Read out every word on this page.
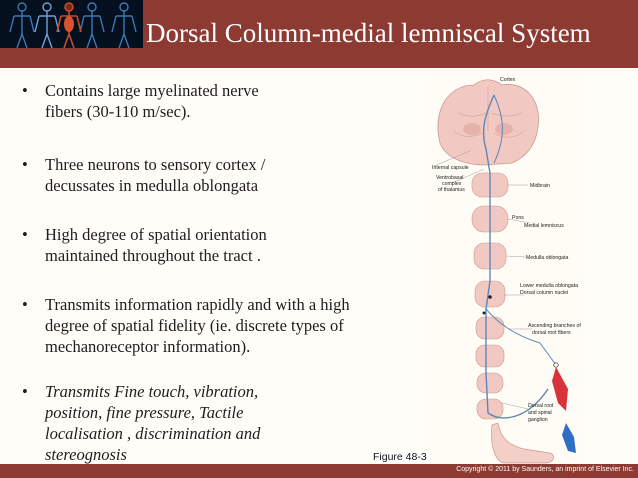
Dorsal Column-medial lemniscal System
• Contains large myelinated nerve fibers (30-110 m/sec).
• Three neurons to sensory cortex / decussates in medulla oblongata
• High degree of spatial orientation maintained throughout the tract .
• Transmits information rapidly and with a high degree of spatial fidelity (ie. discrete types of mechanoreceptor information).
• Transmits Fine touch, vibration, position, fine pressure, Tactile localisation , discrimination and stereognosis
Cortex
Internal capsule
Ventrobasal
complex
of thalamus
Midbrain
Pons
Medial lemniscus
Medulla oblongata
Lower medulla oblongata
Dorsal column nuclei
Ascending branches of
dorsal root fibers
Dorsal root
and spinal
ganglion
Figure 48-3
Copyright © 2011 by Saunders, an imprint of Elsevier Inc.
